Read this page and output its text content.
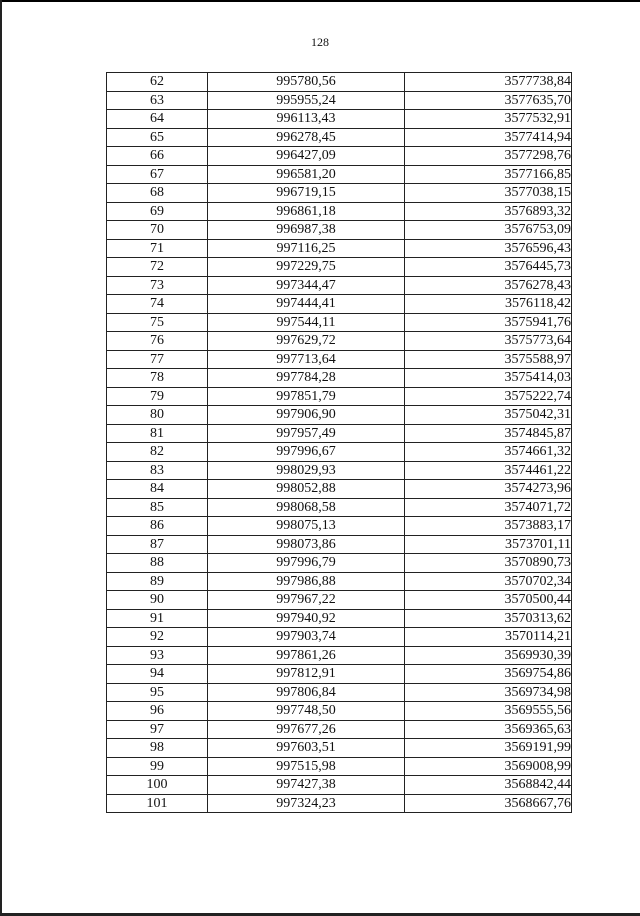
128
62	995780,56	3577738,84
63	995955,24	3577635,70
64	996113,43	3577532,91
65	996278,45	3577414,94
66	996427,09	3577298,76
67	996581,20	3577166,85
68	996719,15	3577038,15
69	996861,18	3576893,32
70	996987,38	3576753,09
71	997116,25	3576596,43
72	997229,75	3576445,73
73	997344,47	3576278,43
74	997444,41	3576118,42
75	997544,11	3575941,76
76	997629,72	3575773,64
77	997713,64	3575588,97
78	997784,28	3575414,03
79	997851,79	3575222,74
80	997906,90	3575042,31
81	997957,49	3574845,87
82	997996,67	3574661,32
83	998029,93	3574461,22
84	998052,88	3574273,96
85	998068,58	3574071,72
86	998075,13	3573883,17
87	998073,86	3573701,11
88	997996,79	3570890,73
89	997986,88	3570702,34
90	997967,22	3570500,44
91	997940,92	3570313,62
92	997903,74	3570114,21
93	997861,26	3569930,39
94	997812,91	3569754,86
95	997806,84	3569734,98
96	997748,50	3569555,56
97	997677,26	3569365,63
98	997603,51	3569191,99
99	997515,98	3569008,99
100	997427,38	3568842,44
101	997324,23	3568667,76
